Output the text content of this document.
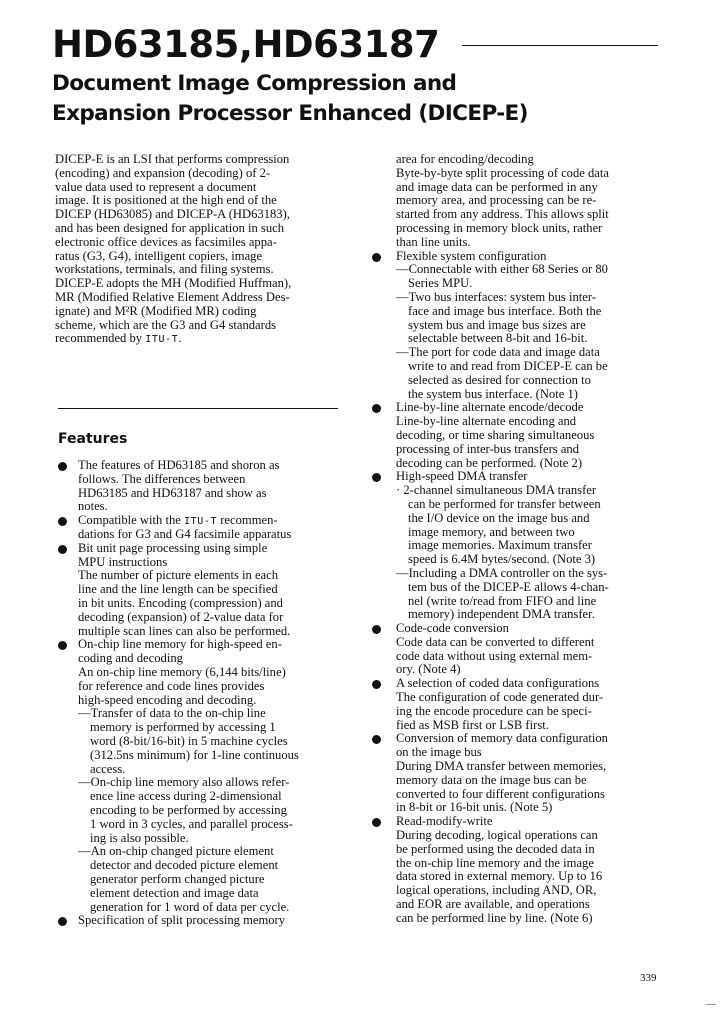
HD63185,HD63187
Document Image Compression and
Expansion Processor Enhanced (DICEP-E)
DICEP-E is an LSI that performs compression
(encoding) and expansion (decoding) of 2-
value data used to represent a document
image. It is positioned at the high end of the
DICEP (HD63085) and DICEP-A (HD63183),
and has been designed for application in such
electronic office devices as facsimiles appa-
ratus (G3, G4), intelligent copiers, image
workstations, terminals, and filing systems.
DICEP-E adopts the MH (Modified Huffman),
MR (Modified Relative Element Address Des-
ignate) and M²R (Modified MR) coding
scheme, which are the G3 and G4 standards
recommended by ITU-T.
Features
The features of HD63185 and shoron as
follows. The differences between
HD63185 and HD63187 and show as
notes.
Compatible with the ITU-T recommen-
dations for G3 and G4 facsimile apparatus
Bit unit page processing using simple
MPU instructions
The number of picture elements in each
line and the line length can be specified
in bit units. Encoding (compression) and
decoding (expansion) of 2-value data for
multiple scan lines can also be performed.
On-chip line memory for high-speed en-
coding and decoding
An on-chip line memory (6,144 bits/line)
for reference and code lines provides
high-speed encoding and decoding.
—Transfer of data to the on-chip line
memory is performed by accessing 1
word (8-bit/16-bit) in 5 machine cycles
(312.5ns minimum) for 1-line continuous
access.
—On-chip line memory also allows refer-
ence line access during 2-dimensional
encoding to be performed by accessing
1 word in 3 cycles, and parallel process-
ing is also possible.
—An on-chip changed picture element
detector and decoded picture element
generator perform changed picture
element detection and image data
generation for 1 word of data per cycle.
Specification of split processing memory
area for encoding/decoding
Byte-by-byte split processing of code data
and image data can be performed in any
memory area, and processing can be re-
started from any address. This allows split
processing in memory block units, rather
than line units.
Flexible system configuration
—Connectable with either 68 Series or 80
Series MPU.
—Two bus interfaces: system bus inter-
face and image bus interface. Both the
system bus and image bus sizes are
selectable between 8-bit and 16-bit.
—The port for code data and image data
write to and read from DICEP-E can be
selected as desired for connection to
the system bus interface. (Note 1)
Line-by-line alternate encode/decode
Line-by-line alternate encoding and
decoding, or time sharing simultaneous
processing of inter-bus transfers and
decoding can be performed. (Note 2)
High-speed DMA transfer
· 2-channel simultaneous DMA transfer
can be performed for transfer between
the I/O device on the image bus and
image memory, and between two
image memories. Maximum transfer
speed is 6.4M bytes/second. (Note 3)
—Including a DMA controller on the sys-
tem bus of the DICEP-E allows 4-chan-
nel (write to/read from FIFO and line
memory) independent DMA transfer.
Code-code conversion
Code data can be converted to different
code data without using external mem-
ory. (Note 4)
A selection of coded data configurations
The configuration of code generated dur-
ing the encode procedure can be speci-
fied as MSB first or LSB first.
Conversion of memory data configuration
on the image bus
During DMA transfer between memories,
memory data on the image bus can be
converted to four different configurations
in 8-bit or 16-bit unis. (Note 5)
Read-modify-write
During decoding, logical operations can
be performed using the decoded data in
the on-chip line memory and the image
data stored in external memory. Up to 16
logical operations, including AND, OR,
and EOR are available, and operations
can be performed line by line. (Note 6)
339
—
